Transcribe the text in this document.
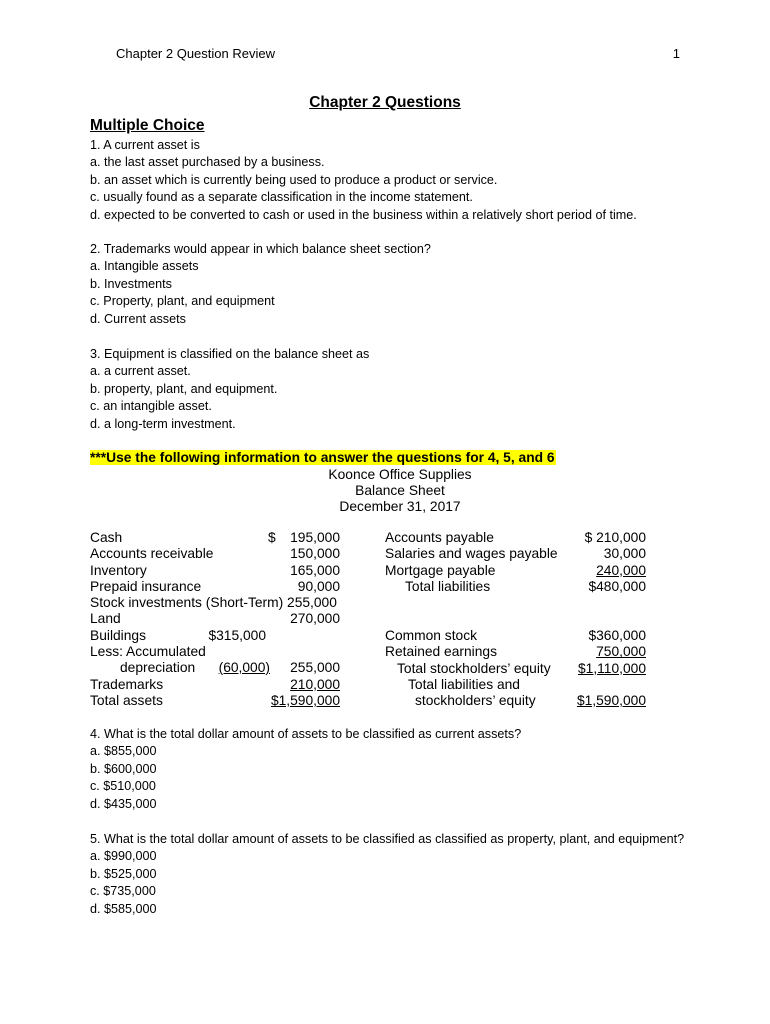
Chapter 2 Question Review	1
Chapter 2 Questions
Multiple Choice
1. A current asset is
a. the last asset purchased by a business.
b. an asset which is currently being used to produce a product or service.
c. usually found as a separate classification in the income statement.
d. expected to be converted to cash or used in the business within a relatively short period of time.
2. Trademarks would appear in which balance sheet section?
a. Intangible assets
b. Investments
c. Property, plant, and equipment
d. Current assets
3. Equipment is classified on the balance sheet as
a. a current asset.
b. property, plant, and equipment.
c. an intangible asset.
d. a long-term investment.
***Use the following information to answer the questions for 4, 5, and 6
Koonce Office Supplies
Balance Sheet
December 31, 2017
Cash
Accounts receivable
Inventory
Prepaid insurance
Stock investments (Short-Term) 255,000
Land
Buildings
Less: Accumulated
depreciation
Trademarks
Total assets
$
$315,000
(60,000)
195,000
150,000
165,000
90,000
270,000
255,000
210,000
$1,590,000
Accounts payable
Salaries and wages payable
Mortgage payable
Total liabilities
$ 210,000
30,000
240,000
$480,000
Common stock
Retained earnings
Total stockholders’ equity
Total liabilities and
stockholders’ equity
$360,000
750,000
$1,110,000
$1,590,000
4. What is the total dollar amount of assets to be classified as current assets?
a. $855,000
b. $600,000
c. $510,000
d. $435,000
5. What is the total dollar amount of assets to be classified as classified as property, plant, and equipment?
a. $990,000
b. $525,000
c. $735,000
d. $585,000
